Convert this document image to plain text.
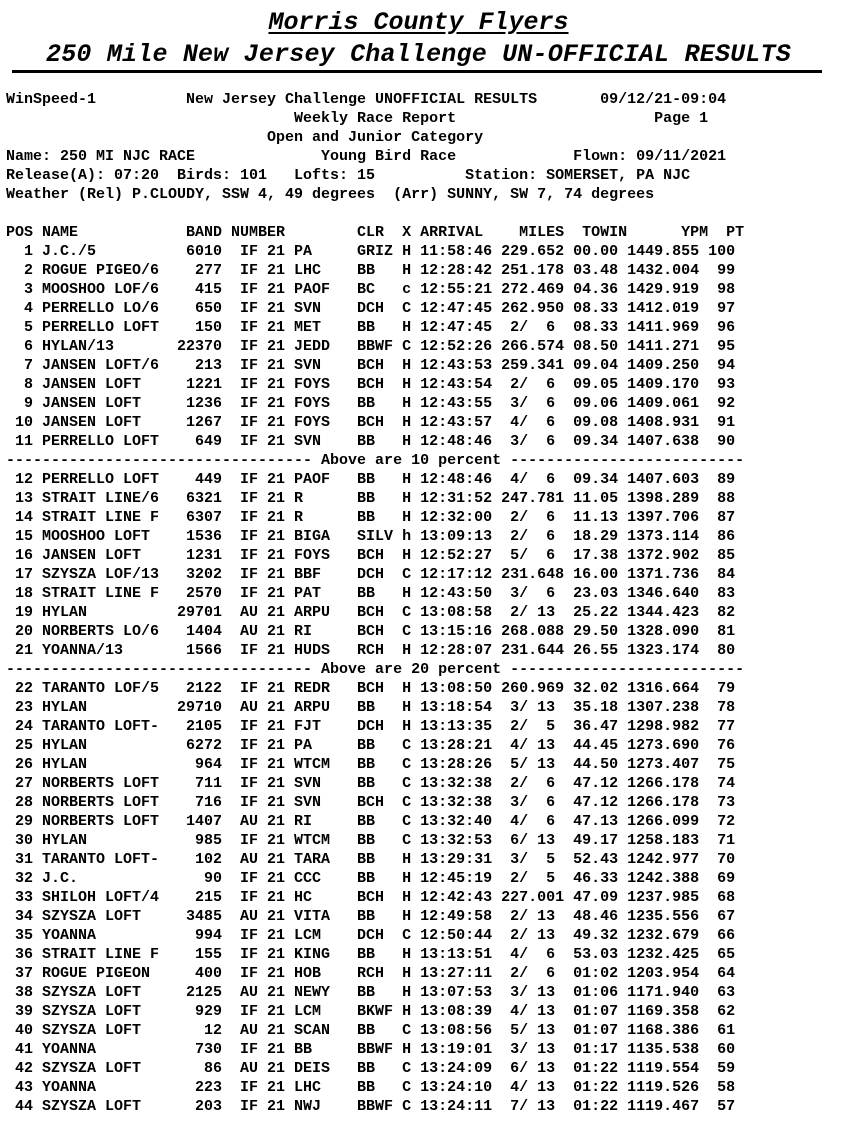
Morris County Flyers
250 Mile New Jersey Challenge UN-OFFICIAL RESULTS
WinSpeed-1          New Jersey Challenge UNOFFICIAL RESULTS       09/12/21-09:04
Weekly Race Report                      Page 1
Open and Junior Category
Name: 250 MI NJC RACE              Young Bird Race             Flown: 09/11/2021
Release(A): 07:20  Birds: 101   Lofts: 15          Station: SOMERSET, PA NJC
Weather (Rel) P.CLOUDY, SSW 4, 49 degrees  (Arr) SUNNY, SW 7, 74 degrees

POS NAME            BAND NUMBER        CLR  X ARRIVAL    MILES  TOWIN      YPM  PT
1 J.C./5          6010  IF 21 PA     GRIZ H 11:58:46 229.652 00.00 1449.855 100
2 ROGUE PIGEO/6    277  IF 21 LHC    BB   H 12:28:42 251.178 03.48 1432.004  99
3 MOOSHOO LOF/6    415  IF 21 PAOF   BC   c 12:55:21 272.469 04.36 1429.919  98
4 PERRELLO LO/6    650  IF 21 SVN    DCH  C 12:47:45 262.950 08.33 1412.019  97
5 PERRELLO LOFT    150  IF 21 MET    BB   H 12:47:45  2/  6  08.33 1411.969  96
6 HYLAN/13       22370  IF 21 JEDD   BBWF C 12:52:26 266.574 08.50 1411.271  95
7 JANSEN LOFT/6    213  IF 21 SVN    BCH  H 12:43:53 259.341 09.04 1409.250  94
8 JANSEN LOFT     1221  IF 21 FOYS   BCH  H 12:43:54  2/  6  09.05 1409.170  93
9 JANSEN LOFT     1236  IF 21 FOYS   BB   H 12:43:55  3/  6  09.06 1409.061  92
10 JANSEN LOFT     1267  IF 21 FOYS   BCH  H 12:43:57  4/  6  09.08 1408.931  91
11 PERRELLO LOFT    649  IF 21 SVN    BB   H 12:48:46  3/  6  09.34 1407.638  90
---------------------------------- Above are 10 percent --------------------------
12 PERRELLO LOFT    449  IF 21 PAOF   BB   H 12:48:46  4/  6  09.34 1407.603  89
13 STRAIT LINE/6   6321  IF 21 R      BB   H 12:31:52 247.781 11.05 1398.289  88
14 STRAIT LINE F   6307  IF 21 R      BB   H 12:32:00  2/  6  11.13 1397.706  87
15 MOOSHOO LOFT    1536  IF 21 BIGA   SILV h 13:09:13  2/  6  18.29 1373.114  86
16 JANSEN LOFT     1231  IF 21 FOYS   BCH  H 12:52:27  5/  6  17.38 1372.902  85
17 SZYSZA LOF/13   3202  IF 21 BBF    DCH  C 12:17:12 231.648 16.00 1371.736  84
18 STRAIT LINE F   2570  IF 21 PAT    BB   H 12:43:50  3/  6  23.03 1346.640  83
19 HYLAN          29701  AU 21 ARPU   BCH  C 13:08:58  2/ 13  25.22 1344.423  82
20 NORBERTS LO/6   1404  AU 21 RI     BCH  C 13:15:16 268.088 29.50 1328.090  81
21 YOANNA/13       1566  IF 21 HUDS   RCH  H 12:28:07 231.644 26.55 1323.174  80
---------------------------------- Above are 20 percent --------------------------
22 TARANTO LOF/5   2122  IF 21 REDR   BCH  H 13:08:50 260.969 32.02 1316.664  79
23 HYLAN          29710  AU 21 ARPU   BB   H 13:18:54  3/ 13  35.18 1307.238  78
24 TARANTO LOFT-   2105  IF 21 FJT    DCH  H 13:13:35  2/  5  36.47 1298.982  77
25 HYLAN           6272  IF 21 PA     BB   C 13:28:21  4/ 13  44.45 1273.690  76
26 HYLAN            964  IF 21 WTCM   BB   C 13:28:26  5/ 13  44.50 1273.407  75
27 NORBERTS LOFT    711  IF 21 SVN    BB   C 13:32:38  2/  6  47.12 1266.178  74
28 NORBERTS LOFT    716  IF 21 SVN    BCH  C 13:32:38  3/  6  47.12 1266.178  73
29 NORBERTS LOFT   1407  AU 21 RI     BB   C 13:32:40  4/  6  47.13 1266.099  72
30 HYLAN            985  IF 21 WTCM   BB   C 13:32:53  6/ 13  49.17 1258.183  71
31 TARANTO LOFT-    102  AU 21 TARA   BB   H 13:29:31  3/  5  52.43 1242.977  70
32 J.C.              90  IF 21 CCC    BB   H 12:45:19  2/  5  46.33 1242.388  69
33 SHILOH LOFT/4    215  IF 21 HC     BCH  H 12:42:43 227.001 47.09 1237.985  68
34 SZYSZA LOFT     3485  AU 21 VITA   BB   H 12:49:58  2/ 13  48.46 1235.556  67
35 YOANNA           994  IF 21 LCM    DCH  C 12:50:44  2/ 13  49.32 1232.679  66
36 STRAIT LINE F    155  IF 21 KING   BB   H 13:13:51  4/  6  53.03 1232.425  65
37 ROGUE PIGEON     400  IF 21 HOB    RCH  H 13:27:11  2/  6  01:02 1203.954  64
38 SZYSZA LOFT     2125  AU 21 NEWY   BB   H 13:07:53  3/ 13  01:06 1171.940  63
39 SZYSZA LOFT      929  IF 21 LCM    BKWF H 13:08:39  4/ 13  01:07 1169.358  62
40 SZYSZA LOFT       12  AU 21 SCAN   BB   C 13:08:56  5/ 13  01:07 1168.386  61
41 YOANNA           730  IF 21 BB     BBWF H 13:19:01  3/ 13  01:17 1135.538  60
42 SZYSZA LOFT       86  AU 21 DEIS   BB   C 13:24:09  6/ 13  01:22 1119.554  59
43 YOANNA           223  IF 21 LHC    BB   C 13:24:10  4/ 13  01:22 1119.526  58
44 SZYSZA LOFT      203  IF 21 NWJ    BBWF C 13:24:11  7/ 13  01:22 1119.467  57
